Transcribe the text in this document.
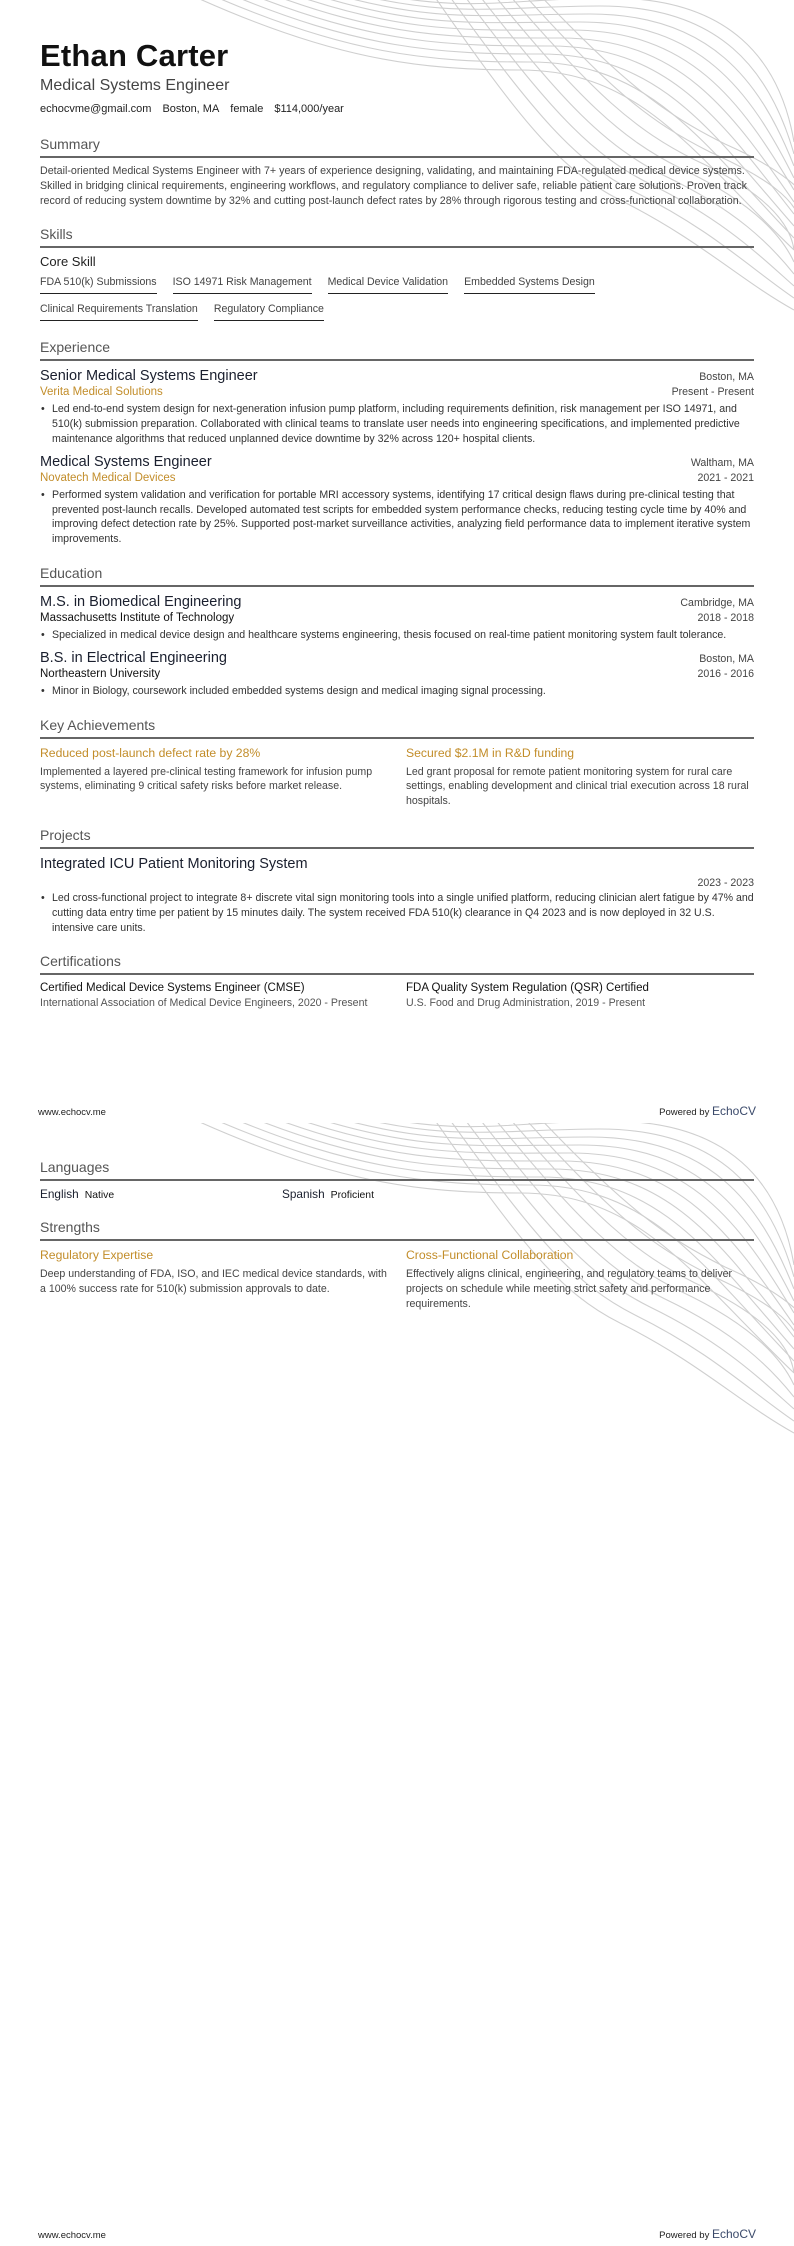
Ethan Carter
Medical Systems Engineer
echocvme@gmail.com Boston, MA female $114,000/year
Summary
Detail-oriented Medical Systems Engineer with 7+ years of experience designing, validating, and maintaining FDA-regulated medical device systems. Skilled in bridging clinical requirements, engineering workflows, and regulatory compliance to deliver safe, reliable patient care solutions. Proven track record of reducing system downtime by 32% and cutting post-launch defect rates by 28% through rigorous testing and cross-functional collaboration.
Skills
Core Skill
FDA 510(k) Submissions ISO 14971 Risk Management Medical Device Validation Embedded Systems Design
Clinical Requirements Translation Regulatory Compliance
Experience
Senior Medical Systems Engineer	Boston, MA
Verita Medical Solutions	Present - Present
• Led end-to-end system design for next-generation infusion pump platform, including requirements definition, risk management per ISO 14971, and 510(k) submission preparation. Collaborated with clinical teams to translate user needs into engineering specifications, and implemented predictive maintenance algorithms that reduced unplanned device downtime by 32% across 120+ hospital clients.
Medical Systems Engineer	Waltham, MA
Novatech Medical Devices	2021 - 2021
• Performed system validation and verification for portable MRI accessory systems, identifying 17 critical design flaws during pre-clinical testing that prevented post-launch recalls. Developed automated test scripts for embedded system performance checks, reducing testing cycle time by 40% and improving defect detection rate by 25%. Supported post-market surveillance activities, analyzing field performance data to implement iterative system improvements.
Education
M.S. in Biomedical Engineering	Cambridge, MA
Massachusetts Institute of Technology	2018 - 2018
• Specialized in medical device design and healthcare systems engineering, thesis focused on real-time patient monitoring system fault tolerance.
B.S. in Electrical Engineering	Boston, MA
Northeastern University	2016 - 2016
• Minor in Biology, coursework included embedded systems design and medical imaging signal processing.
Key Achievements
Reduced post-launch defect rate by 28%
Implemented a layered pre-clinical testing framework for infusion pump systems, eliminating 9 critical safety risks before market release.
Secured $2.1M in R&D funding
Led grant proposal for remote patient monitoring system for rural care settings, enabling development and clinical trial execution across 18 rural hospitals.
Projects
Integrated ICU Patient Monitoring System
2023 - 2023
• Led cross-functional project to integrate 8+ discrete vital sign monitoring tools into a single unified platform, reducing clinician alert fatigue by 47% and cutting data entry time per patient by 15 minutes daily. The system received FDA 510(k) clearance in Q4 2023 and is now deployed in 32 U.S. intensive care units.
Certifications
Certified Medical Device Systems Engineer (CMSE)
International Association of Medical Device Engineers, 2020 - Present
FDA Quality System Regulation (QSR) Certified
U.S. Food and Drug Administration, 2019 - Present
www.echocv.me	Powered by EchoCV
Languages
English Native	Spanish Proficient
Strengths
Regulatory Expertise
Deep understanding of FDA, ISO, and IEC medical device standards, with a 100% success rate for 510(k) submission approvals to date.
Cross-Functional Collaboration
Effectively aligns clinical, engineering, and regulatory teams to deliver projects on schedule while meeting strict safety and performance requirements.
www.echocv.me	Powered by EchoCV
